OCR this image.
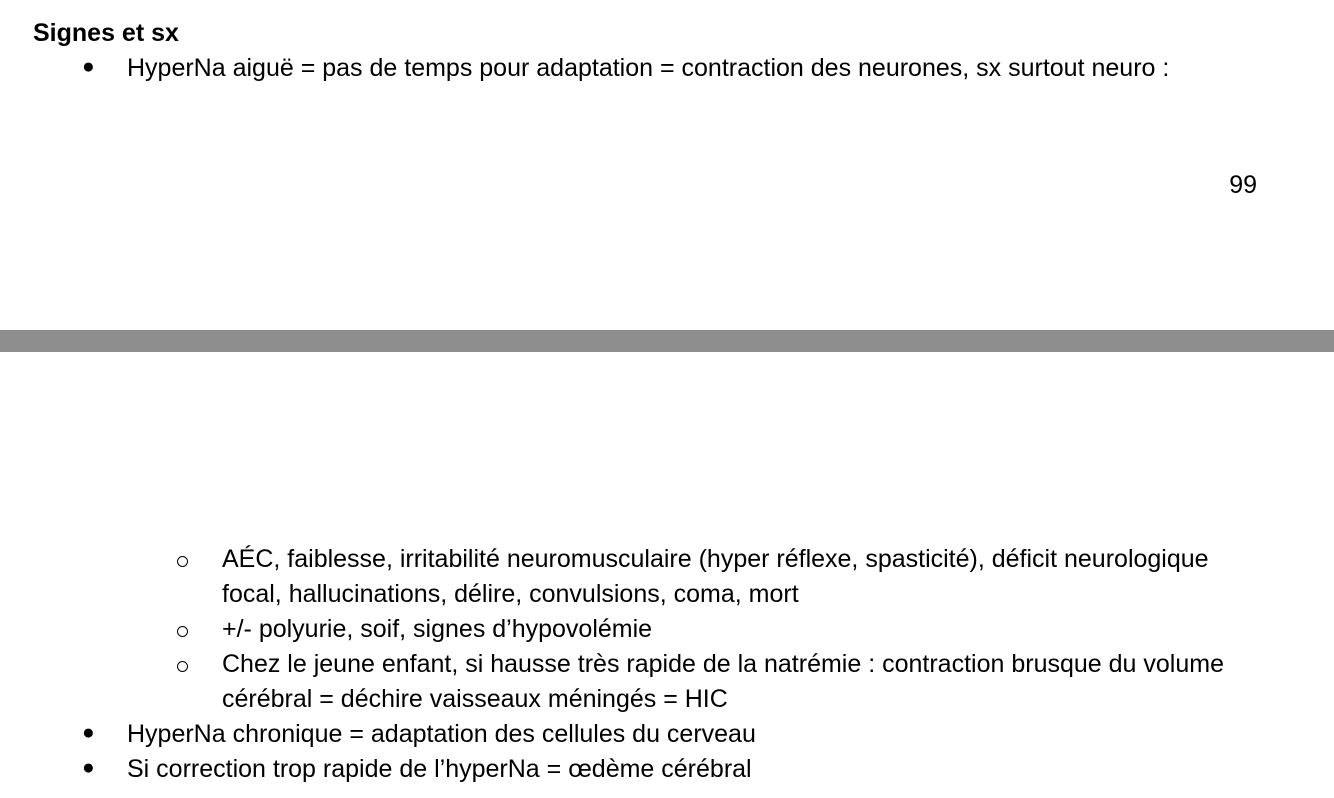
Signes et sx
● HyperNa aiguë = pas de temps pour adaptation = contraction des neurones, sx surtout neuro :
99
AÉC, faiblesse, irritabilité neuromusculaire (hyper réflexe, spasticité), déficit neurologique
focal, hallucinations, délire, convulsions, coma, mort
+/- polyurie, soif, signes d’hypovolémie
Chez le jeune enfant, si hausse très rapide de la natrémie : contraction brusque du volume
cérébral = déchire vaisseaux méningés = HIC
● HyperNa chronique = adaptation des cellules du cerveau
● Si correction trop rapide de l’hyperNa = œdème cérébral
